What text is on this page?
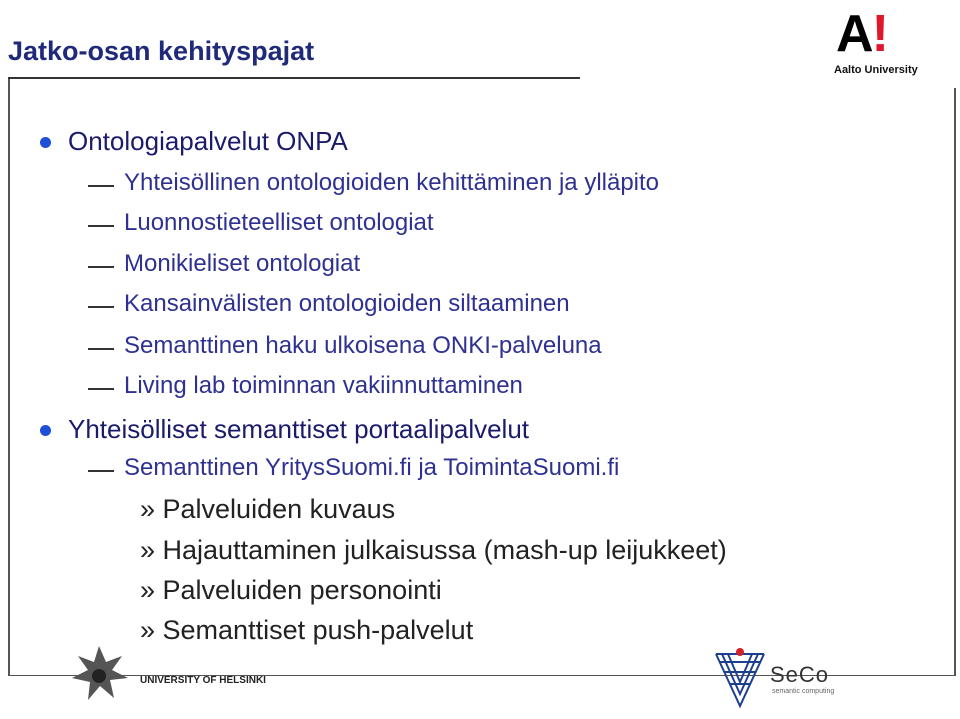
Jatko-osan kehityspajat	A!
Aalto University
Ontologiapalvelut ONPA
Yhteisöllinen ontologioiden kehittäminen ja ylläpito
Luonnostieteelliset ontologiat
Monikieliset ontologiat
Kansainvälisten ontologioiden siltaaminen
Semanttinen haku ulkoisena ONKI-palveluna
Living lab toiminnan vakiinnuttaminen
Yhteisölliset semanttiset portaalipalvelut
Semanttinen YritysSuomi.fi ja ToimintaSuomi.fi
» Palveluiden kuvaus
» Hajauttaminen julkaisussa (mash-up leijukkeet)
» Palveluiden personointi
» Semanttiset push-palvelut
UNIVERSITY OF HELSINKI	SeCo
semantic computing
